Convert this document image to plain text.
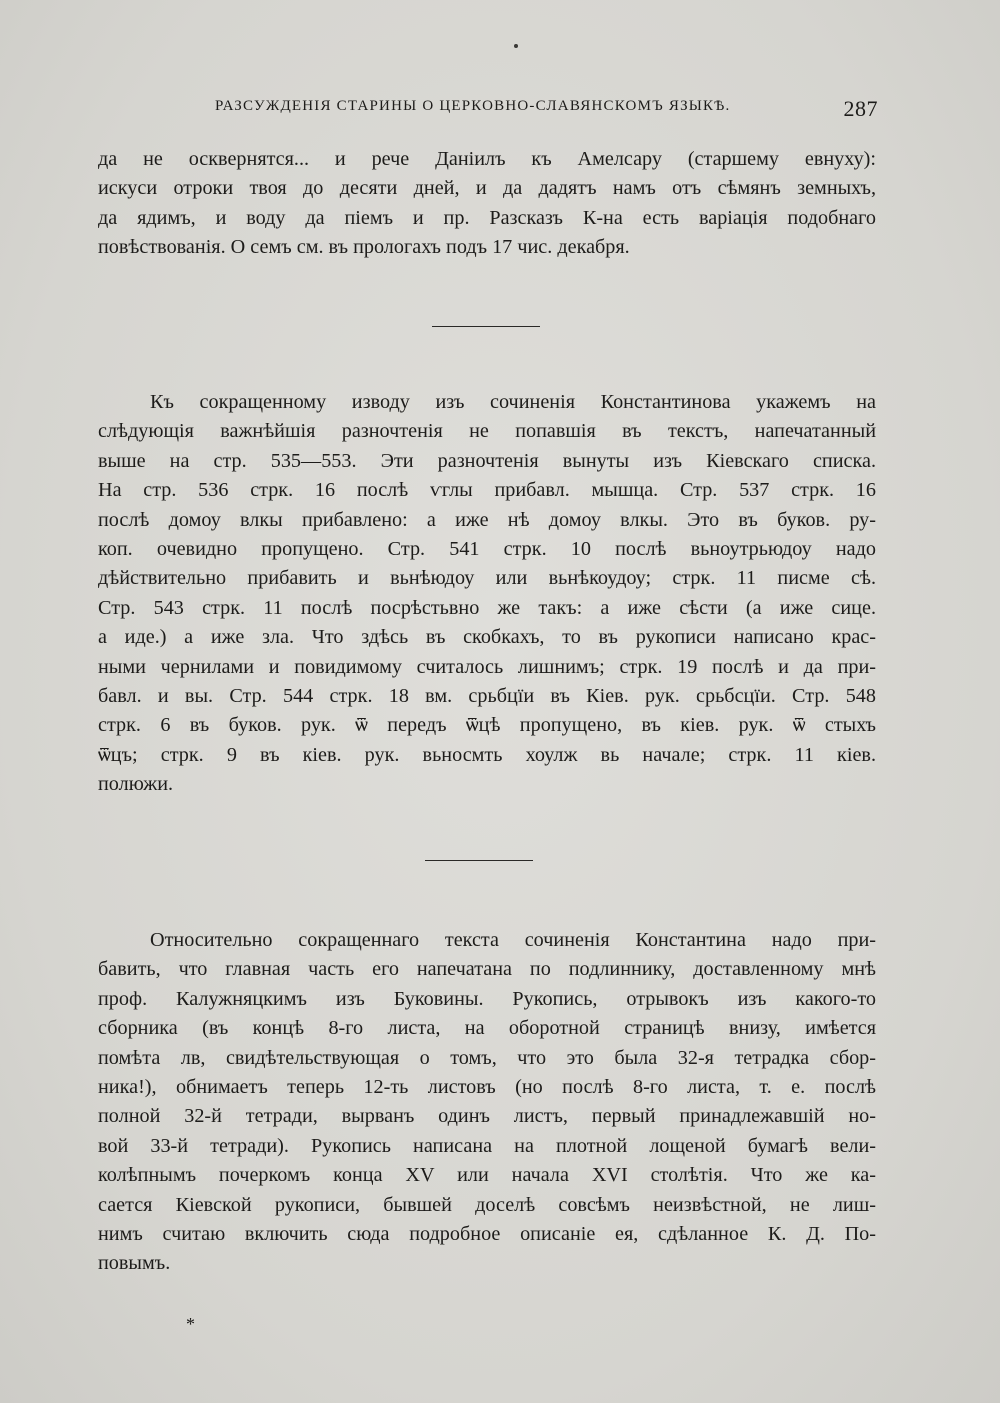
РАЗСУЖДЕНІЯ СТАРИНЫ О ЦЕРКОВНО-СЛАВЯНСКОМЪ ЯЗЫКѢ.	287
да не осквернятся... и рече Даніилъ къ Амелсару (старшему евнуху):
искуси отроки твоя до десяти дней, и да дадятъ намъ отъ сѣмянъ земныхъ,
да ядимъ, и воду да піемъ и пр. Разсказъ К-на есть варіація подобнаго
повѣствованія. О семъ см. въ прологахъ подъ 17 чис. декабря.
Къ сокращенному изводу изъ сочиненія Константинова укажемъ на
слѣдующія важнѣйшія разночтенія не попавшія въ текстъ, напечатанный
выше на стр. 535—553. Эти разночтенія вынуты изъ Кіевскаго списка.
На стр. 536 стрк. 16 послѣ ѵглы прибавл. мышца. Стр. 537 стрк. 16
послѣ домоу влкы прибавлено: а иже нѣ домоу влкы. Это въ буков. ру-
коп. очевидно пропущено. Стр. 541 стрк. 10 послѣ вьноутрьюдоу надо
дѣйствительно прибавить и вьнѣюдоу или вьнѣкоудоу; стрк. 11 писме сѣ.
Стр. 543 стрк. 11 послѣ посрѣстьвно же такъ: а иже сѣсти (а иже сице.
а иде.) а иже зла. Что здѣсь въ скобкахъ, то въ рукописи написано крас-
ными чернилами и повидимому считалось лишнимъ; стрк. 19 послѣ и да при-
бавл. и вы. Стр. 544 стрк. 18 вм. срьбцїи въ Кіев. рук. срьбсцїи. Стр. 548
стрк. 6 въ буков. рук. ѿ передъ ѿцѣ пропущено, въ кіев. рук. ѿ стыхъ
ѿцъ; стрк. 9 въ кіев. рук. вьносмть хоулж вь начале; стрк. 11 кіев.
полюжи.
Относительно сокращеннаго текста сочиненія Константина надо при-
бавить, что главная часть его напечатана по подлиннику, доставленному мнѣ
проф. Калужняцкимъ изъ Буковины. Рукопись, отрывокъ изъ какого-то
сборника (въ концѣ 8-го листа, на оборотной страницѣ внизу, имѣется
помѣта лв, свидѣтельствующая о томъ, что это была 32-я тетрадка сбор-
ника!), обнимаетъ теперь 12-ть листовъ (но послѣ 8-го листа, т. е. послѣ
полной 32-й тетради, вырванъ одинъ листъ, первый принадлежавшій но-
вой 33-й тетради). Рукопись написана на плотной лощеной бумагѣ вели-
колѣпнымъ почеркомъ конца XV или начала XVI столѣтія. Что же ка-
сается Кіевской рукописи, бывшей доселѣ совсѣмъ неизвѣстной, не лиш-
нимъ считаю включить сюда подробное описаніе ея, сдѣланное К. Д. По-
повымъ.
*
